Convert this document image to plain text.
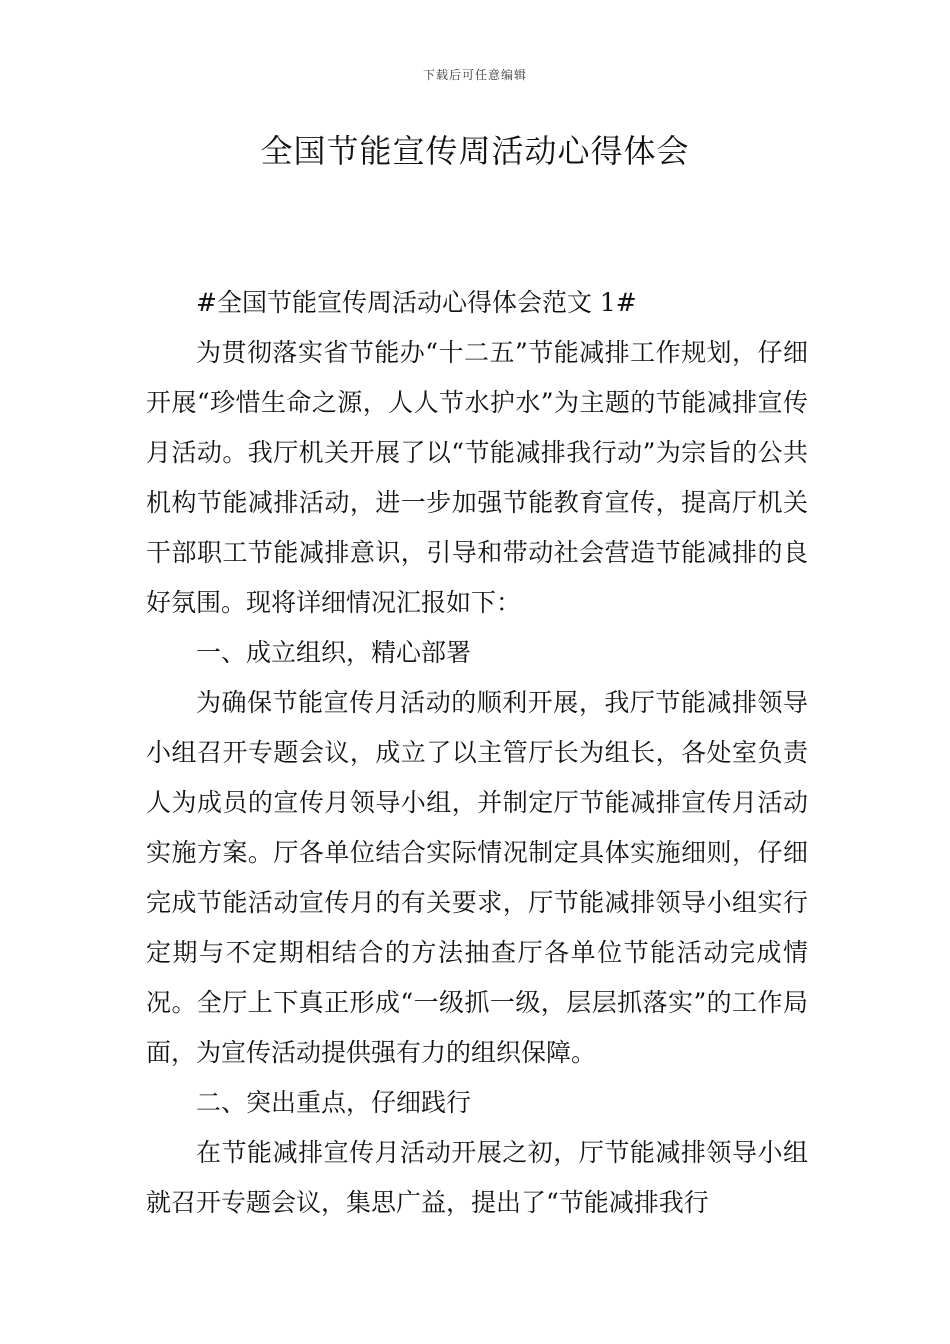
下载后可任意编辑
全国节能宣传周活动心得体会

#全国节能宣传周活动心得体会范文 1#

为贯彻落实省节能办“十二五”节能减排工作规划，仔细开展“珍惜生命之源，人人节水护水”为主题的节能减排宣传月活动。我厅机关开展了以“节能减排我行动”为宗旨的公共机构节能减排活动，进一步加强节能教育宣传，提高厅机关干部职工节能减排意识，引导和带动社会营造节能减排的良好氛围。现将详细情况汇报如下：

一、成立组织，精心部署

为确保节能宣传月活动的顺利开展，我厅节能减排领导小组召开专题会议，成立了以主管厅长为组长，各处室负责人为成员的宣传月领导小组，并制定厅节能减排宣传月活动实施方案。厅各单位结合实际情况制定具体实施细则，仔细完成节能活动宣传月的有关要求，厅节能减排领导小组实行定期与不定期相结合的方法抽查厅各单位节能活动完成情况。全厅上下真正形成“一级抓一级，层层抓落实”的工作局面，为宣传活动提供强有力的组织保障。

二、突出重点，仔细践行

在节能减排宣传月活动开展之初，厅节能减排领导小组就召开专题会议，集思广益，提出了“节能减排我行
